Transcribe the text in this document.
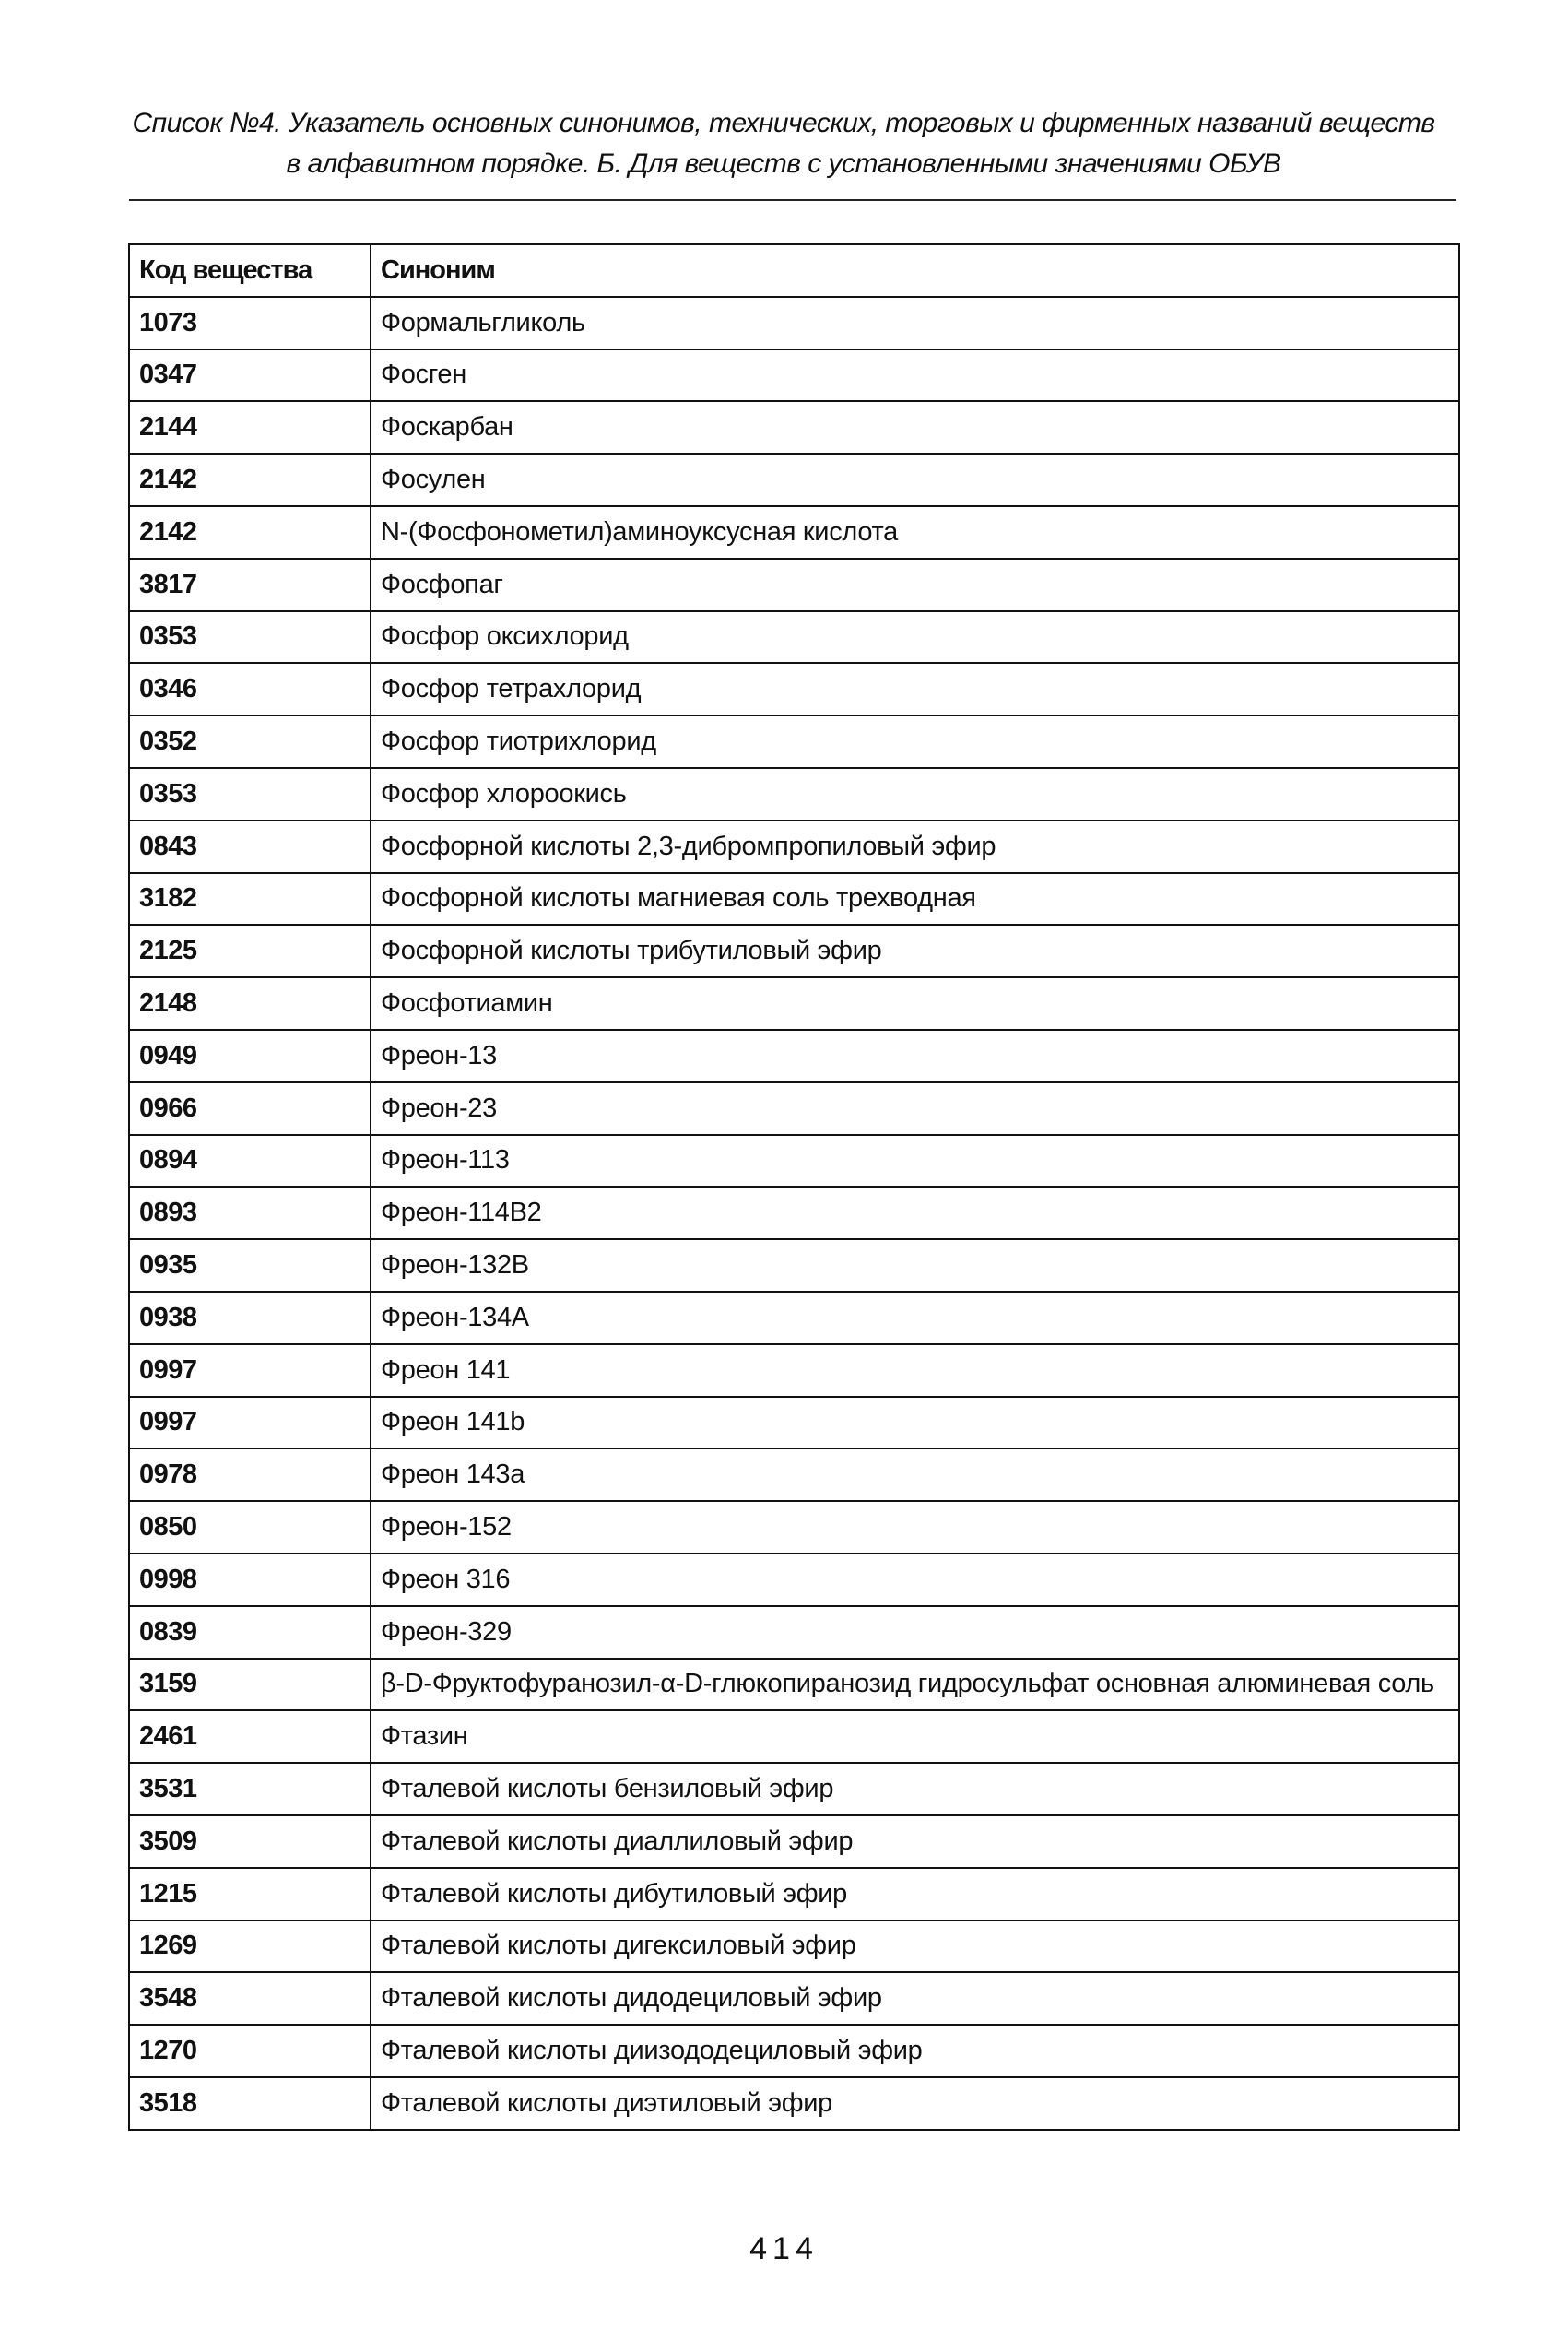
Список №4. Указатель основных синонимов, технических, торговых и фирменных названий веществ
в алфавитном порядке. Б. Для веществ с установленными значениями ОБУВ
Код вещества	Синоним
1073	Формальгликоль
0347	Фосген
2144	Фоскарбан
2142	Фосулен
2142	N-(Фосфонометил)аминоуксусная кислота
3817	Фосфопаг
0353	Фосфор оксихлорид
0346	Фосфор тетрахлорид
0352	Фосфор тиотрихлорид
0353	Фосфор хлороокись
0843	Фосфорной кислоты 2,3-дибромпропиловый эфир
3182	Фосфорной кислоты магниевая соль трехводная
2125	Фосфорной кислоты трибутиловый эфир
2148	Фосфотиамин
0949	Фреон-13
0966	Фреон-23
0894	Фреон-113
0893	Фреон-114В2
0935	Фреон-132В
0938	Фреон-134А
0997	Фреон 141
0997	Фреон 141b
0978	Фреон 143а
0850	Фреон-152
0998	Фреон 316
0839	Фреон-329
3159	β-D-Фруктофуранозил-α-D-глюкопиранозид гидросульфат основная алюминевая соль
2461	Фтазин
3531	Фталевой кислоты бензиловый эфир
3509	Фталевой кислоты диаллиловый эфир
1215	Фталевой кислоты дибутиловый эфир
1269	Фталевой кислоты дигексиловый эфир
3548	Фталевой кислоты дидодециловый эфир
1270	Фталевой кислоты диизододециловый эфир
3518	Фталевой кислоты диэтиловый эфир
414
